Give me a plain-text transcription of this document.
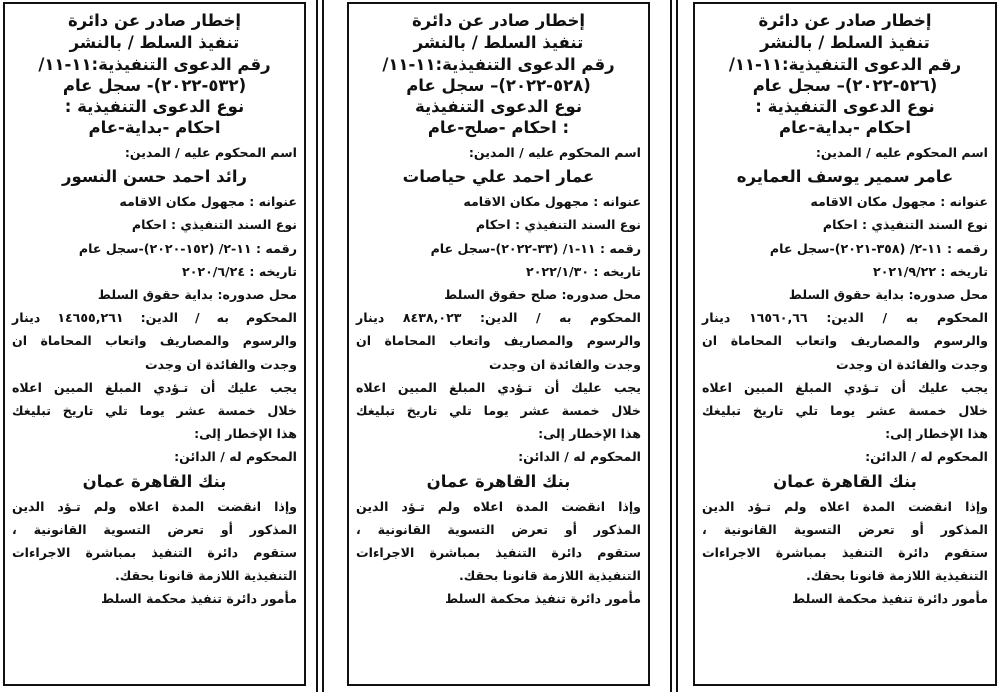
إخطار صادر عن دائرة
تنفيذ السلط / بالنشر
رقم الدعوى التنفيذية:١١-١١/
(٥٣٢-٢٠٢٢)- سجل عام
نوع الدعوى التنفيذية :
احكام -بداية-عام
اسم المحكوم عليه / المدين:
رائد احمد حسن النسور
عنوانه : مجهول مكان الاقامه
نوع السند التنفيذي : احكام
رقمه : ١١-٢/ (١٥٢-٢٠٢٠)-سجل عام
تاريخه : ٢٠٢٠/٦/٢٤
محل صدوره: بداية حقوق السلط
المحكوم به / الدين: ١٤٦٥٥,٢٦١ دينار
والرسوم والمصاريف واتعاب المحاماة ان
وجدت والفائدة ان وجدت
يجب عليك أن تـؤدي المبلغ المبين اعلاه
خلال خمسة عشر يوما تلي تاريخ تبليغك
هذا الإخطار إلى:
المحكوم له / الدائن:
بنك القاهرة عمان
وإذا انقضت المدة اعلاه ولم تـؤد الدين
المذكور أو تعرض التسوية القانونية ،
ستقوم دائرة التنفيذ بمباشرة الاجراءات
التنفيذية اللازمة قانونا بحقك.
مأمور دائرة تنفيذ محكمة السلط
إخطار صادر عن دائرة
تنفيذ السلط / بالنشر
رقم الدعوى التنفيذية:١١-١١/
(٥٢٨-٢٠٢٢)– سجل عام
نوع الدعوى التنفيذية
: احكام -صلح-عام
اسم المحكوم عليه / المدين:
عمار احمد علي حياصات
عنوانه : مجهول مكان الاقامه
نوع السند التنفيذي : احكام
رقمه : ١١-١/ (٣٣-٢٠٢٢)-سجل عام
تاريخه : ٢٠٢٢/١/٣٠
محل صدوره: صلح حقوق السلط
المحكوم به / الدين: ٨٤٣٨,٠٢٣ دينار
والرسوم والمصاريف واتعاب المحاماة ان
وجدت والفائدة ان وجدت
يجب عليك أن تـؤدي المبلغ المبين اعلاه
خلال خمسة عشر يوما تلي تاريخ تبليغك
هذا الإخطار إلى:
المحكوم له / الدائن:
بنك القاهرة عمان
وإذا انقضت المدة اعلاه ولم تـؤد الدين
المذكور أو تعرض التسوية القانونية ،
ستقوم دائرة التنفيذ بمباشرة الاجراءات
التنفيذية اللازمة قانونا بحقك.
مأمور دائرة تنفيذ محكمة السلط
إخطار صادر عن دائرة
تنفيذ السلط / بالنشر
رقم الدعوى التنفيذية:١١-١١/
(٥٢٦-٢٠٢٢)– سجل عام
نوع الدعوى التنفيذية :
احكام -بداية-عام
اسم المحكوم عليه / المدين:
عامر سمير يوسف العمايره
عنوانه : مجهول مكان الاقامه
نوع السند التنفيذي : احكام
رقمه : ١١-٢/ (٣٥٨-٢٠٢١)-سجل عام
تاريخه : ٢٠٢١/٩/٢٢
محل صدوره: بداية حقوق السلط
المحكوم به / الدين: ١٦٥٦٠,٦٦ دينار
والرسوم والمصاريف واتعاب المحاماة ان
وجدت والفائدة ان وجدت
يجب عليك أن تـؤدي المبلغ المبين اعلاه
خلال خمسة عشر يوما تلي تاريخ تبليغك
هذا الإخطار إلى:
المحكوم له / الدائن:
بنك القاهرة عمان
وإذا انقضت المدة اعلاه ولم تـؤد الدين
المذكور أو تعرض التسوية القانونية ،
ستقوم دائرة التنفيذ بمباشرة الاجراءات
التنفيذية اللازمة قانونا بحقك.
مأمور دائرة تنفيذ محكمة السلط
